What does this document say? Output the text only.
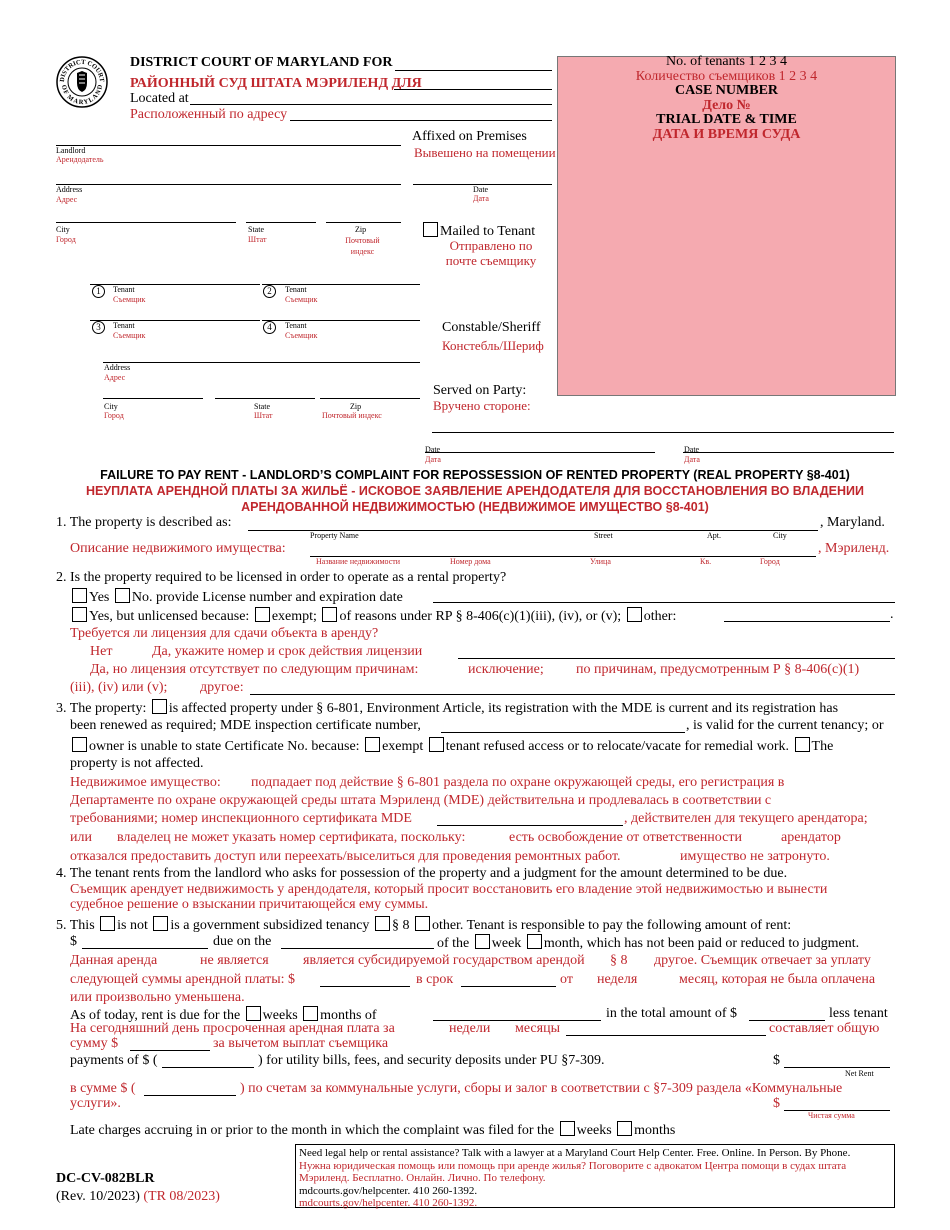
DISTRICT COURT
OF MARYLAND
DISTRICT COURT OF MARYLAND FOR
РАЙОННЫЙ СУД ШТАТА МЭРИЛЕНД ДЛЯ
Located at
Расположенный по адресу
No. of tenants 1 2 3 4
Количество съемщиков 1 2 3 4
CASE NUMBER
Дело №
TRIAL DATE & TIME
ДАТА И ВРЕМЯ СУДА
Landlord
Арендодатель
Address
Адрес
City
Город
State
Штат
Zip
Почтовый индекс
1	Tenant
Съемщик
2	Tenant
Съемщик
3	Tenant
Съемщик
4	Tenant
Съемщик
Address
Адрес
City
Город
State
Штат
Zip
Почтовый индекс
Affixed on Premises
Вывешено на помещении
Date
Дата
Mailed to Tenant
Отправлено по почте съемщику
Constable/Sheriff
Констебль/Шериф
Served on Party:
Вручено стороне:
Date
Дата
Date
Дата
FAILURE TO PAY RENT - LANDLORD’S COMPLAINT FOR REPOSSESSION OF RENTED PROPERTY (REAL PROPERTY §8-401)
НЕУПЛАТА АРЕНДНОЙ ПЛАТЫ ЗА ЖИЛЬЁ - ИСКОВОЕ ЗАЯВЛЕНИЕ АРЕНДОДАТЕЛЯ ДЛЯ ВОССТАНОВЛЕНИЯ ВО ВЛАДЕНИИ
АРЕНДОВАННОЙ НЕДВИЖИМОСТЬЮ (НЕДВИЖИМОЕ ИМУЩЕСТВО §8-401)
1. The property is described as:	, Maryland.
Property Name	Street	Apt.	City
Описание недвижимого имущества:	, Мэриленд.
Название недвижимости	Номер дома	Улица	Кв.	Город
2. Is the property required to be licensed in order to operate as a rental property?
Yes No. provide License number and expiration date
Yes, but unlicensed because: exempt; of reasons under RP § 8-406(c)(1)(iii), (iv), or (v); other:	.
Требуется ли лицензия для сдачи объекта в аренду?
Нет	Да, укажите номер и срок действия лицензии
Да, но лицензия отсутствует по следующим причинам:	исключение; по причинам, предусмотренным Р § 8-406(с)(1)
(iii), (iv) или (v); другое:
3. The property: is affected property under § 6-801, Environment Article, its registration with the MDE is current and its registration has
been renewed as required; MDE inspection certificate number,	, is valid for the current tenancy; or
owner is unable to state Certificate No. because: exempt tenant refused access or to relocate/vacate for remedial work. The
property is not affected.
Недвижимое имущество: подпадает под действие § 6-801 раздела по охране окружающей среды, его регистрация в
Департаменте по охране окружающей среды штата Мэриленд (MDE) действительна и продлевалась в соответствии с
требованиями; номер инспекционного сертификата MDE	, действителен для текущего арендатора;
или владелец не может указать номер сертификата, поскольку:	есть освобождение от ответственности	арендатор
отказался предоставить доступ или переехать/выселиться для проведения ремонтных работ.	имущество не затронуто.
4. The tenant rents from the landlord who asks for possession of the property and a judgment for the amount determined to be due.
Съемщик арендует недвижимость у арендодателя, который просит восстановить его владение этой недвижимостью и вынести
судебное решение о взыскании причитающейся ему суммы.
5. This is not is a government subsidized tenancy § 8 other. Tenant is responsible to pay the following amount of rent:
$	due on the	of the week month, which has not been paid or reduced to judgment.
Данная аренда	не является является субсидируемой государством арендой § 8 другое. Съемщик отвечает за уплату
следующей суммы арендной платы: $	в срок	от неделя	месяц, которая не была оплачена
или произвольно уменьшена.
As of today, rent is due for the weeks months of	in the total amount of $	less tenant
На сегодняшний день просроченная арендная плата за	недели месяцы	составляет общую
сумму $	за вычетом выплат съемщика
payments of $ (	) for utility bills, fees, and security deposits under PU §7-309.	$
Net Rent
в сумме $ (	) по счетам за коммунальные услуги, сборы и залог в соответствии с §7-309 раздела «Коммунальные
услуги».	$
Чистая сумма
Late charges accruing in or prior to the month in which the complaint was filed for the weeks months
Need legal help or rental assistance? Talk with a lawyer at a Maryland Court Help Center. Free. Online. In Person. By Phone.
Нужна юридическая помощь или помощь при аренде жилья? Поговорите с адвокатом Центра помощи в судах штата
Мэриленд. Бесплатно. Онлайн. Лично. По телефону.
mdcourts.gov/helpcenter. 410 260-1392.
mdcourts.gov/helpcenter. 410 260-1392.
DC-CV-082BLR
(Rev. 10/2023) (TR 08/2023)
